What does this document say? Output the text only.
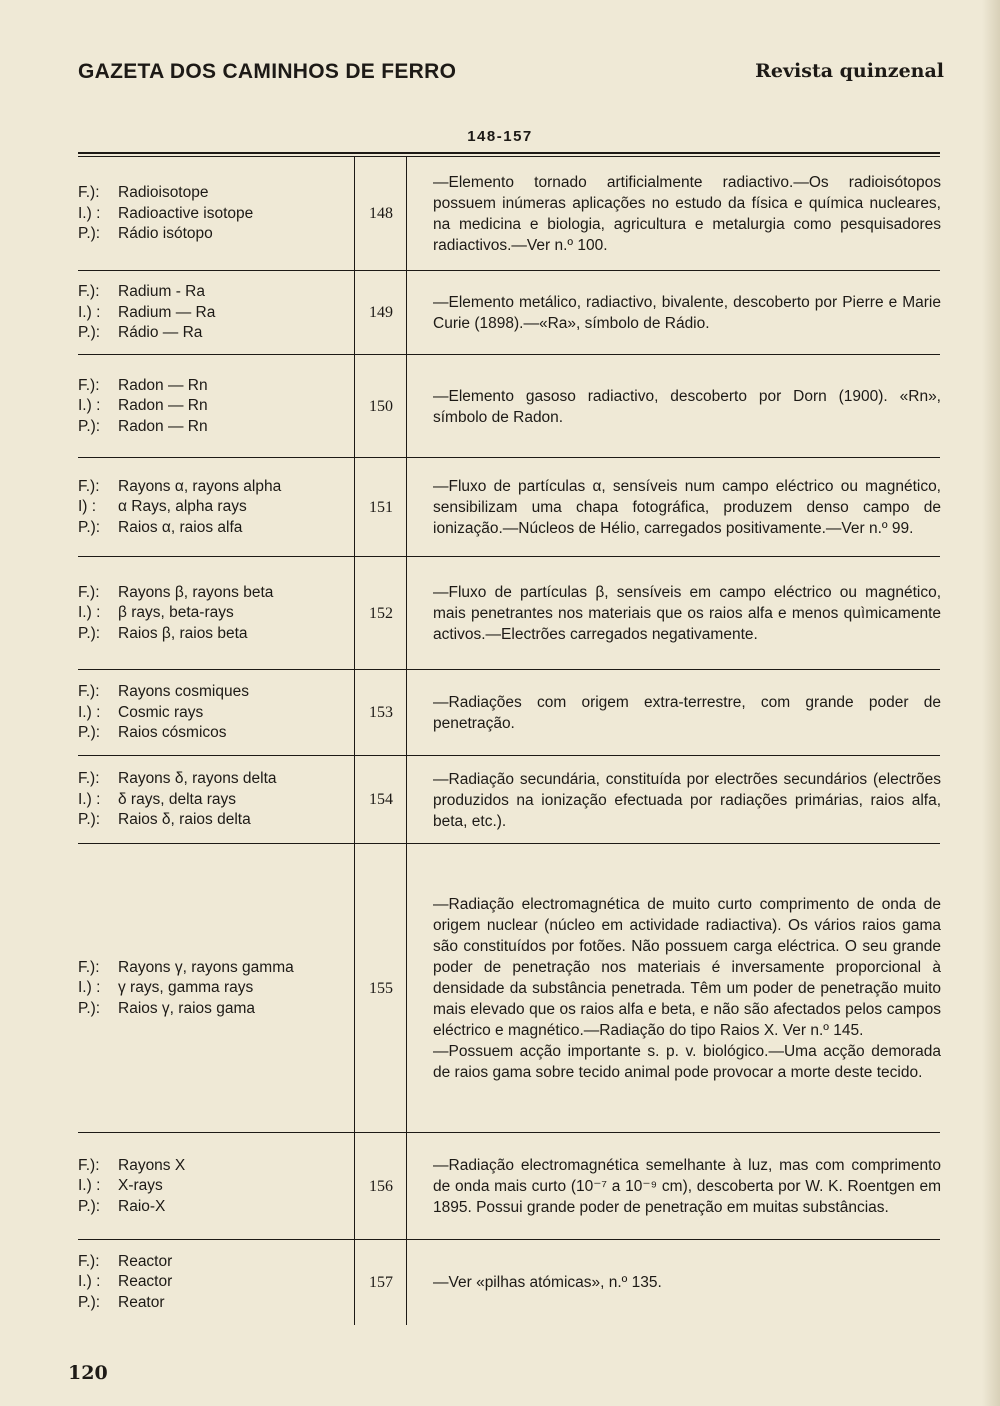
GAZETA DOS CAMINHOS DE FERRO	Revista quinzenal
148-157
F.): Radioisotope
I.) : Radioactive isotope
P.): Rádio isótopo
148
—Elemento tornado artificialmente radiactivo.—Os radioisótopos possuem inúmeras aplicações no estudo da física e química nucleares, na medicina e biologia, agricultura e metalurgia como pesquisadores radiactivos.—Ver n.º 100.
F.): Radium - Ra
I.) : Radium — Ra
P.): Rádio — Ra
149
—Elemento metálico, radiactivo, bivalente, descoberto por Pierre e Marie Curie (1898).—«Ra», símbolo de Rádio.
F.): Radon — Rn
I.) : Radon — Rn
P.): Radon — Rn
150
—Elemento gasoso radiactivo, descoberto por Dorn (1900). «Rn», símbolo de Radon.
F.): Rayons α, rayons alpha
I) : α Rays, alpha rays
P.): Raios α, raios alfa
151
—Fluxo de partículas α, sensíveis num campo eléctrico ou magnético, sensibilizam uma chapa fotográfica, produzem denso campo de ionização.—Núcleos de Hélio, carregados positivamente.—Ver n.º 99.
F.): Rayons β, rayons beta
I.) : β rays, beta-rays
P.): Raios β, raios beta
152
—Fluxo de partículas β, sensíveis em campo eléctrico ou magnético, mais penetrantes nos materiais que os raios alfa e menos quìmicamente activos.—Electrões carregados negativamente.
F.): Rayons cosmiques
I.) : Cosmic rays
P.): Raios cósmicos
153
—Radiações com origem extra-terrestre, com grande poder de penetração.
F.): Rayons δ, rayons delta
I.) : δ rays, delta rays
P.): Raios δ, raios delta
154
—Radiação secundária, constituída por electrões secundários (electrões produzidos na ionização efectuada por radiações primárias, raios alfa, beta, etc.).
F.): Rayons γ, rayons gamma
I.) : γ rays, gamma rays
P.): Raios γ, raios gama
155
—Radiação electromagnética de muito curto comprimento de onda de origem nuclear (núcleo em actividade radiactiva). Os vários raios gama são constituídos por fotões. Não possuem carga eléctrica. O seu grande poder de penetração nos materiais é inversamente proporcional à densidade da substância penetrada. Têm um poder de penetração muito mais elevado que os raios alfa e beta, e não são afectados pelos campos eléctrico e magnético.—Radiação do tipo Raios X. Ver n.º 145.
—Possuem acção importante s. p. v. biológico.—Uma acção demorada de raios gama sobre tecido animal pode provocar a morte deste tecido.
F.): Rayons X
I.) : X-rays
P.): Raio-X
156
—Radiação electromagnética semelhante à luz, mas com comprimento de onda mais curto (10⁻⁷ a 10⁻⁹ cm), descoberta por W. K. Roentgen em 1895. Possui grande poder de penetração em muitas substâncias.
F.): Reactor
I.) : Reactor
P.): Reator
157	—Ver «pilhas atómicas», n.º 135.
120
